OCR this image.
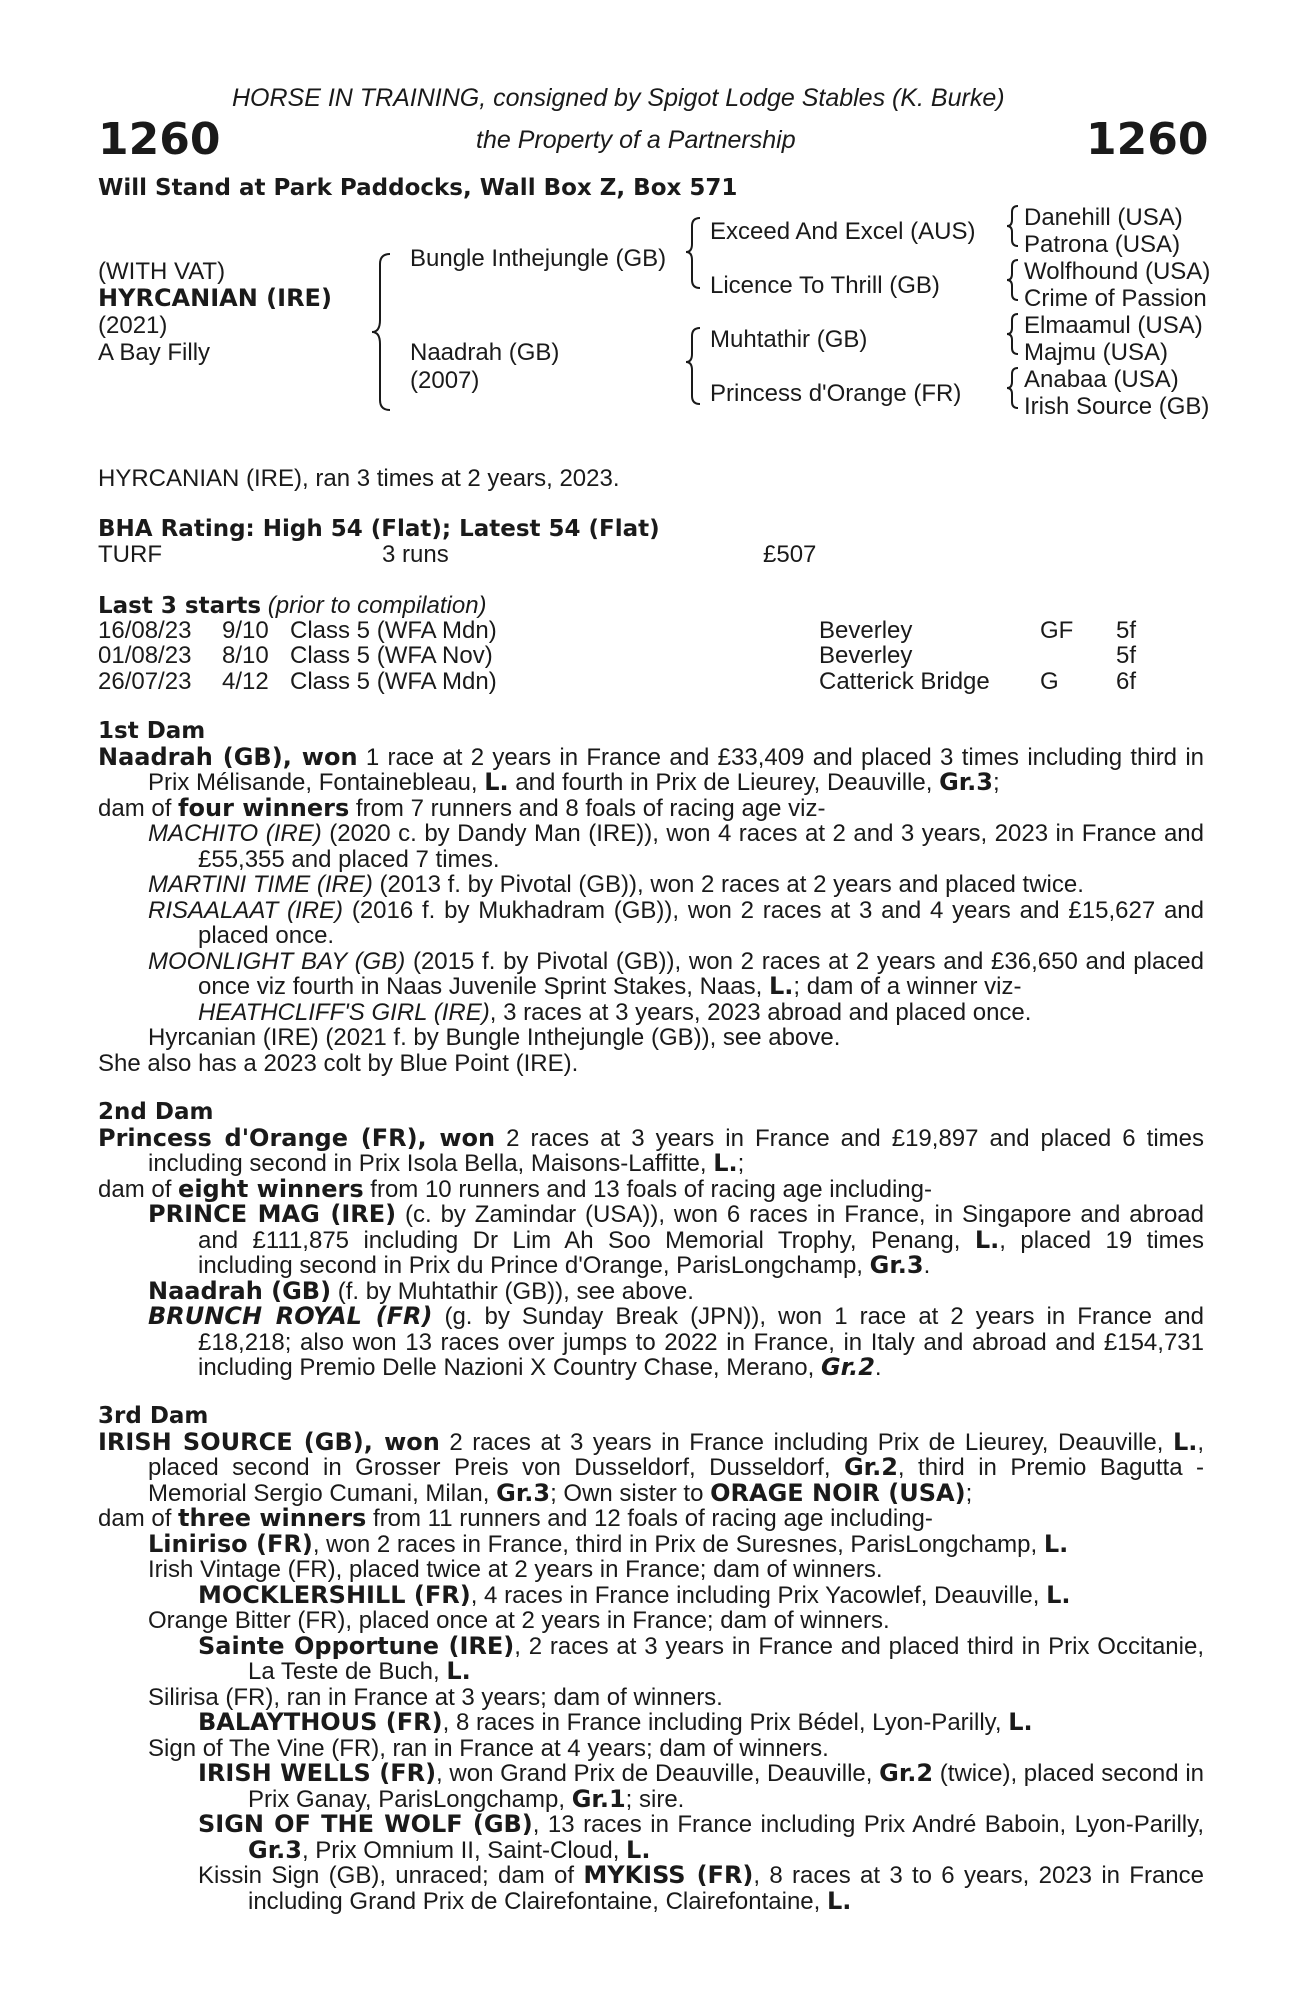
HORSE IN TRAINING, consigned by Spigot Lodge Stables (K. Burke)
1260	the Property of a Partnership	1260
Will Stand at Park Paddocks, Wall Box Z, Box 571
(WITH VAT)
HYRCANIAN (IRE)
(2021)
A Bay Filly
Bungle Inthejungle (GB)
Naadrah (GB)
(2007)
Exceed And Excel (AUS)
Licence To Thrill (GB)
Muhtathir (GB)
Princess d'Orange (FR)
Danehill (USA)
Patrona (USA)
Wolfhound (USA)
Crime of Passion
Elmaamul (USA)
Majmu (USA)
Anabaa (USA)
Irish Source (GB)
HYRCANIAN (IRE), ran 3 times at 2 years, 2023.
BHA Rating: High 54 (Flat); Latest 54 (Flat)
TURF	3 runs	£507
Last 3 starts (prior to compilation)
16/08/23 9/10 Class 5 (WFA Mdn)	Beverley	GF 5f
01/08/23 8/10 Class 5 (WFA Nov)	Beverley	5f
26/07/23 4/12 Class 5 (WFA Mdn)	Catterick Bridge G 6f

1st Dam

Naadrah (GB), won 1 race at 2 years in France and £33,409 and placed 3 times including third in Prix Mélisande, Fontainebleau, L. and fourth in Prix de Lieurey, Deauville, Gr.3;

dam of four winners from 7 runners and 8 foals of racing age viz-

MACHITO (IRE) (2020 c. by Dandy Man (IRE)), won 4 races at 2 and 3 years, 2023 in France and £55,355 and placed 7 times.

MARTINI TIME (IRE) (2013 f. by Pivotal (GB)), won 2 races at 2 years and placed twice.

RISAALAAT (IRE) (2016 f. by Mukhadram (GB)), won 2 races at 3 and 4 years and £15,627 and placed once.

MOONLIGHT BAY (GB) (2015 f. by Pivotal (GB)), won 2 races at 2 years and £36,650 and placed once viz fourth in Naas Juvenile Sprint Stakes, Naas, L.; dam of a winner viz-

HEATHCLIFF'S GIRL (IRE), 3 races at 3 years, 2023 abroad and placed once.

Hyrcanian (IRE) (2021 f. by Bungle Inthejungle (GB)), see above.

She also has a 2023 colt by Blue Point (IRE).

2nd Dam

Princess d'Orange (FR), won 2 races at 3 years in France and £19,897 and placed 6 times including second in Prix Isola Bella, Maisons-Laffitte, L.;

dam of eight winners from 10 runners and 13 foals of racing age including-

PRINCE MAG (IRE) (c. by Zamindar (USA)), won 6 races in France, in Singapore and abroad and £111,875 including Dr Lim Ah Soo Memorial Trophy, Penang, L., placed 19 times including second in Prix du Prince d'Orange, ParisLongchamp, Gr.3.

Naadrah (GB) (f. by Muhtathir (GB)), see above.

BRUNCH ROYAL (FR) (g. by Sunday Break (JPN)), won 1 race at 2 years in France and £18,218; also won 13 races over jumps to 2022 in France, in Italy and abroad and £154,731 including Premio Delle Nazioni X Country Chase, Merano, Gr.2.

3rd Dam

IRISH SOURCE (GB), won 2 races at 3 years in France including Prix de Lieurey, Deauville, L., placed second in Grosser Preis von Dusseldorf, Dusseldorf, Gr.2, third in Premio Bagutta - Memorial Sergio Cumani, Milan, Gr.3; Own sister to ORAGE NOIR (USA);

dam of three winners from 11 runners and 12 foals of racing age including-

Liniriso (FR), won 2 races in France, third in Prix de Suresnes, ParisLongchamp, L.

Irish Vintage (FR), placed twice at 2 years in France; dam of winners.

MOCKLERSHILL (FR), 4 races in France including Prix Yacowlef, Deauville, L.

Orange Bitter (FR), placed once at 2 years in France; dam of winners.

Sainte Opportune (IRE), 2 races at 3 years in France and placed third in Prix Occitanie, La Teste de Buch, L.

Silirisa (FR), ran in France at 3 years; dam of winners.

BALAYTHOUS (FR), 8 races in France including Prix Bédel, Lyon-Parilly, L.

Sign of The Vine (FR), ran in France at 4 years; dam of winners.

IRISH WELLS (FR), won Grand Prix de Deauville, Deauville, Gr.2 (twice), placed second in Prix Ganay, ParisLongchamp, Gr.1; sire.

SIGN OF THE WOLF (GB), 13 races in France including Prix André Baboin, Lyon-Parilly, Gr.3, Prix Omnium II, Saint-Cloud, L.

Kissin Sign (GB), unraced; dam of MYKISS (FR), 8 races at 3 to 6 years, 2023 in France including Grand Prix de Clairefontaine, Clairefontaine, L.
